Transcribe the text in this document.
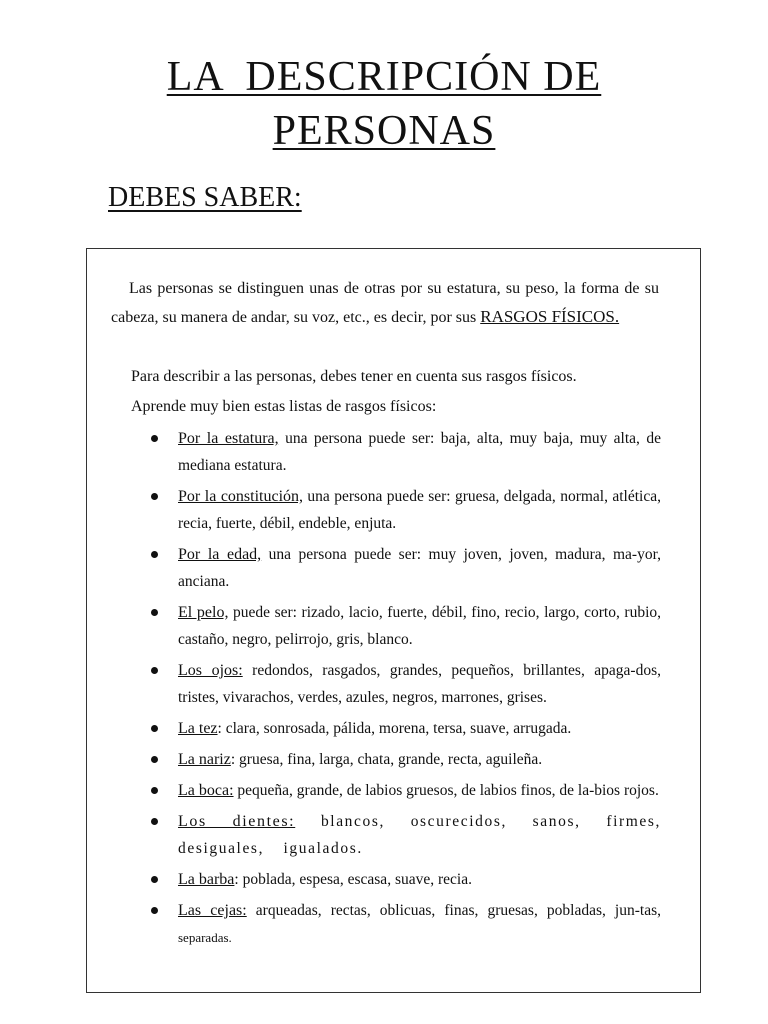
LA  DESCRIPCIÓN DE
PERSONAS
DEBES SABER:

Las personas se distinguen unas de otras por su estatura, su peso, la forma de su cabeza, su manera de andar, su voz, etc., es decir, por sus RASGOS FÍSICOS.

Para describir a las personas, debes tener en cuenta sus rasgos físicos.

Aprende muy bien estas listas de rasgos físicos:

Por la estatura, una persona puede ser: baja, alta, muy baja, muy alta, de mediana estatura.
Por la constitución, una persona puede ser: gruesa, delgada, normal, atlética, recia, fuerte, débil, endeble, enjuta.
Por la edad, una persona puede ser: muy joven, joven, madura, ma-yor, anciana.
El pelo, puede ser: rizado, lacio, fuerte, débil, fino, recio, largo, corto, rubio, castaño, negro, pelirrojo, gris, blanco.
Los ojos: redondos, rasgados, grandes, pequeños, brillantes, apaga-dos, tristes, vivarachos, verdes, azules, negros, marrones, grises.
La tez: clara, sonrosada, pálida, morena, tersa, suave, arrugada.
La nariz: gruesa, fina, larga, chata, grande, recta, aguileña.
La boca: pequeña, grande, de labios gruesos, de labios finos, de la-bios rojos.
Los dientes: blancos, oscurecidos, sanos, firmes, desiguales, igualados.
La barba: poblada, espesa, escasa, suave, recia.
Las cejas: arqueadas, rectas, oblicuas, finas, gruesas, pobladas, jun-tas, separadas.
